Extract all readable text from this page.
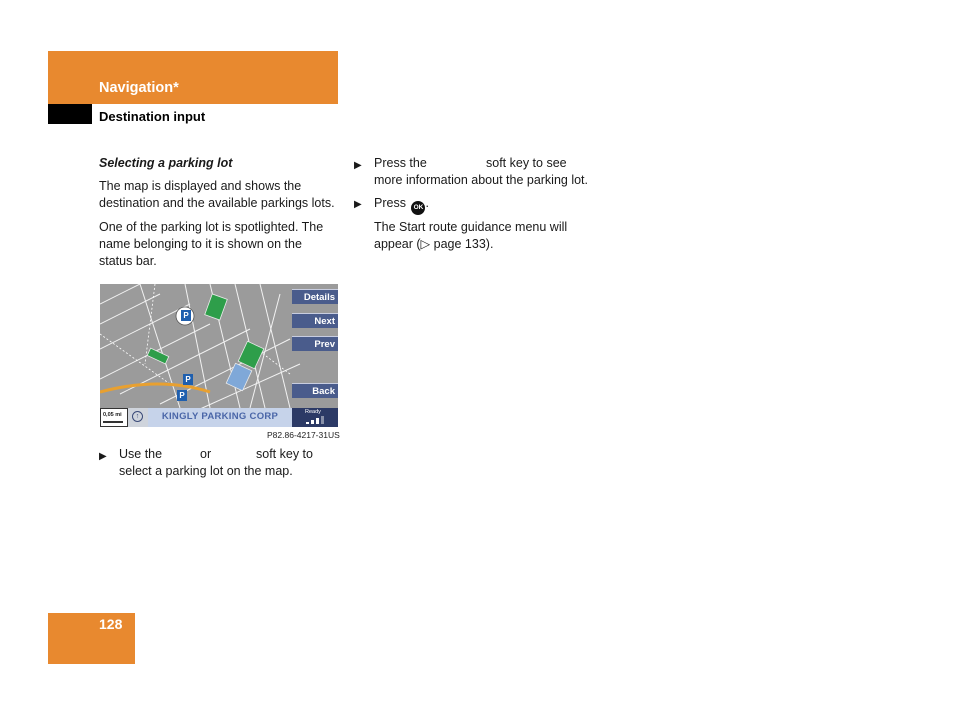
Navigation*
Destination input
Selecting a parking lot
The map is displayed and shows the
destination and the available parkings lots.
One of the parking lot is spotlighted. The
name belonging to it is shown on the
status bar.
P
P
P
Details
Next
Prev
Back
0,05 mi	↑	KINGLY PARKING CORP	Ready
P82.86-4217-31US
▶ Use the	or	soft key to
select a parking lot on the map.
▶ Press the	soft key to see
more information about the parking lot.
▶ Press OK .
The Start route guidance menu will
appear (▷ page 133).
128
